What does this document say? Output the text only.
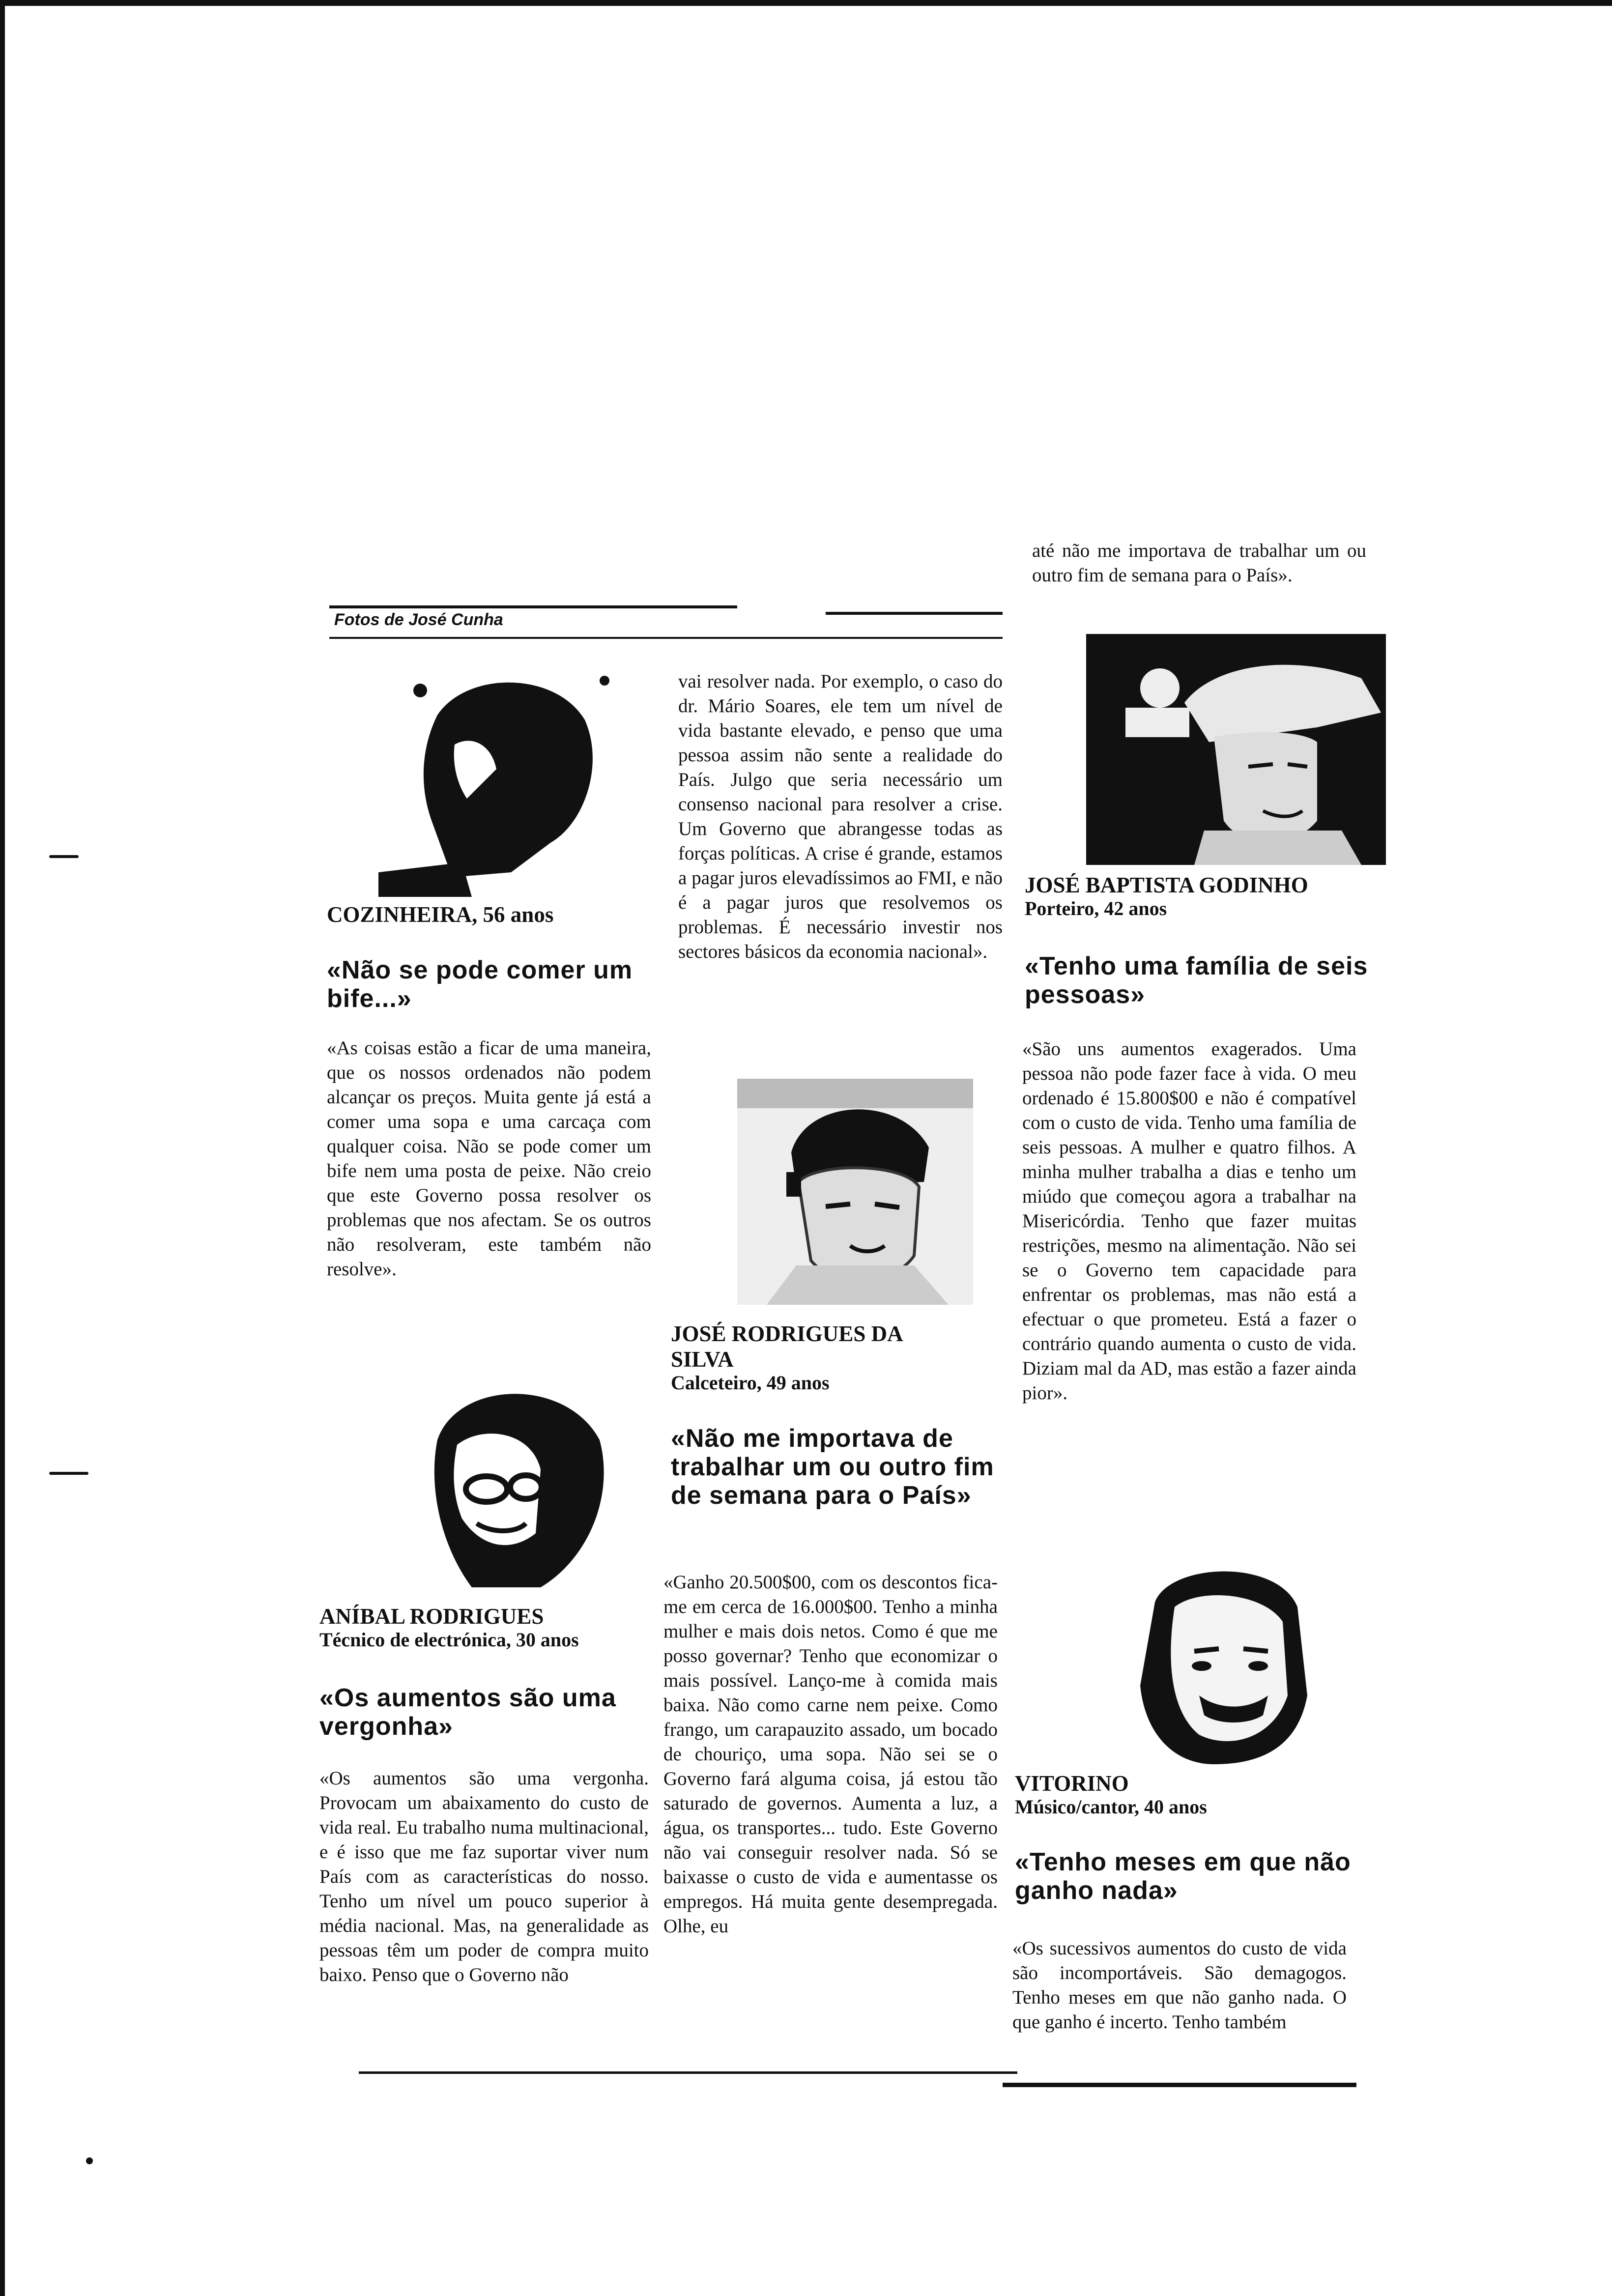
Fotos de José Cunha
até não me importava de trabalhar um ou outro fim de semana para o País».
COZINHEIRA, 56 anos
«Não se pode comer um bife...»
«As coisas estão a ficar de uma maneira, que os nossos ordenados não podem alcançar os preços. Muita gente já está a comer uma sopa e uma carcaça com qualquer coisa. Não se pode comer um bife nem uma posta de peixe. Não creio que este Governo possa resolver os problemas que nos afectam. Se os outros não resolveram, este também não resolve».
ANÍBAL RODRIGUES
Técnico de electrónica, 30 anos
«Os aumentos são uma vergonha»
«Os aumentos são uma vergonha. Provocam um abaixamento do custo de vida real. Eu trabalho numa multinacional, e é isso que me faz suportar viver num País com as características do nosso. Tenho um nível um pouco superior à média nacional. Mas, na generalidade as pessoas têm um poder de compra muito baixo. Penso que o Governo não
vai resolver nada. Por exemplo, o caso do dr. Mário Soares, ele tem um nível de vida bastante elevado, e penso que uma pessoa assim não sente a realidade do País. Julgo que seria necessário um consenso nacional para resolver a crise. Um Governo que abrangesse todas as forças políticas. A crise é grande, estamos a pagar juros elevadíssimos ao FMI, e não é a pagar juros que resolvemos os problemas. É necessário investir nos sectores básicos da economia nacional».
JOSÉ RODRIGUES DA SILVA
Calceteiro, 49 anos
«Não me importava de trabalhar um ou outro fim de semana para o País»
«Ganho 20.500$00, com os descontos fica-me em cerca de 16.000$00. Tenho a minha mulher e mais dois netos. Como é que me posso governar? Tenho que economizar o mais possível. Lanço-me à comida mais baixa. Não como carne nem peixe. Como frango, um carapauzito assado, um bocado de chouriço, uma sopa. Não sei se o Governo fará alguma coisa, já estou tão saturado de governos. Aumenta a luz, a água, os transportes... tudo. Este Governo não vai conseguir resolver nada. Só se baixasse o custo de vida e aumentasse os empregos. Há muita gente desempregada. Olhe, eu
JOSÉ BAPTISTA GODINHO
Porteiro, 42 anos
«Tenho uma família de seis pessoas»
«São uns aumentos exagerados. Uma pessoa não pode fazer face à vida. O meu ordenado é 15.800$00 e não é compatível com o custo de vida. Tenho uma família de seis pessoas. A mulher e quatro filhos. A minha mulher trabalha a dias e tenho um miúdo que começou agora a trabalhar na Misericórdia. Tenho que fazer muitas restrições, mesmo na alimentação. Não sei se o Governo tem capacidade para enfrentar os problemas, mas não está a efectuar o que prometeu. Está a fazer o contrário quando aumenta o custo de vida. Diziam mal da AD, mas estão a fazer ainda pior».
VITORINO
Músico/cantor, 40 anos
«Tenho meses em que não ganho nada»
«Os sucessivos aumentos do custo de vida são incomportáveis. São demagogos. Tenho meses em que não ganho nada. O que ganho é incerto. Tenho também
